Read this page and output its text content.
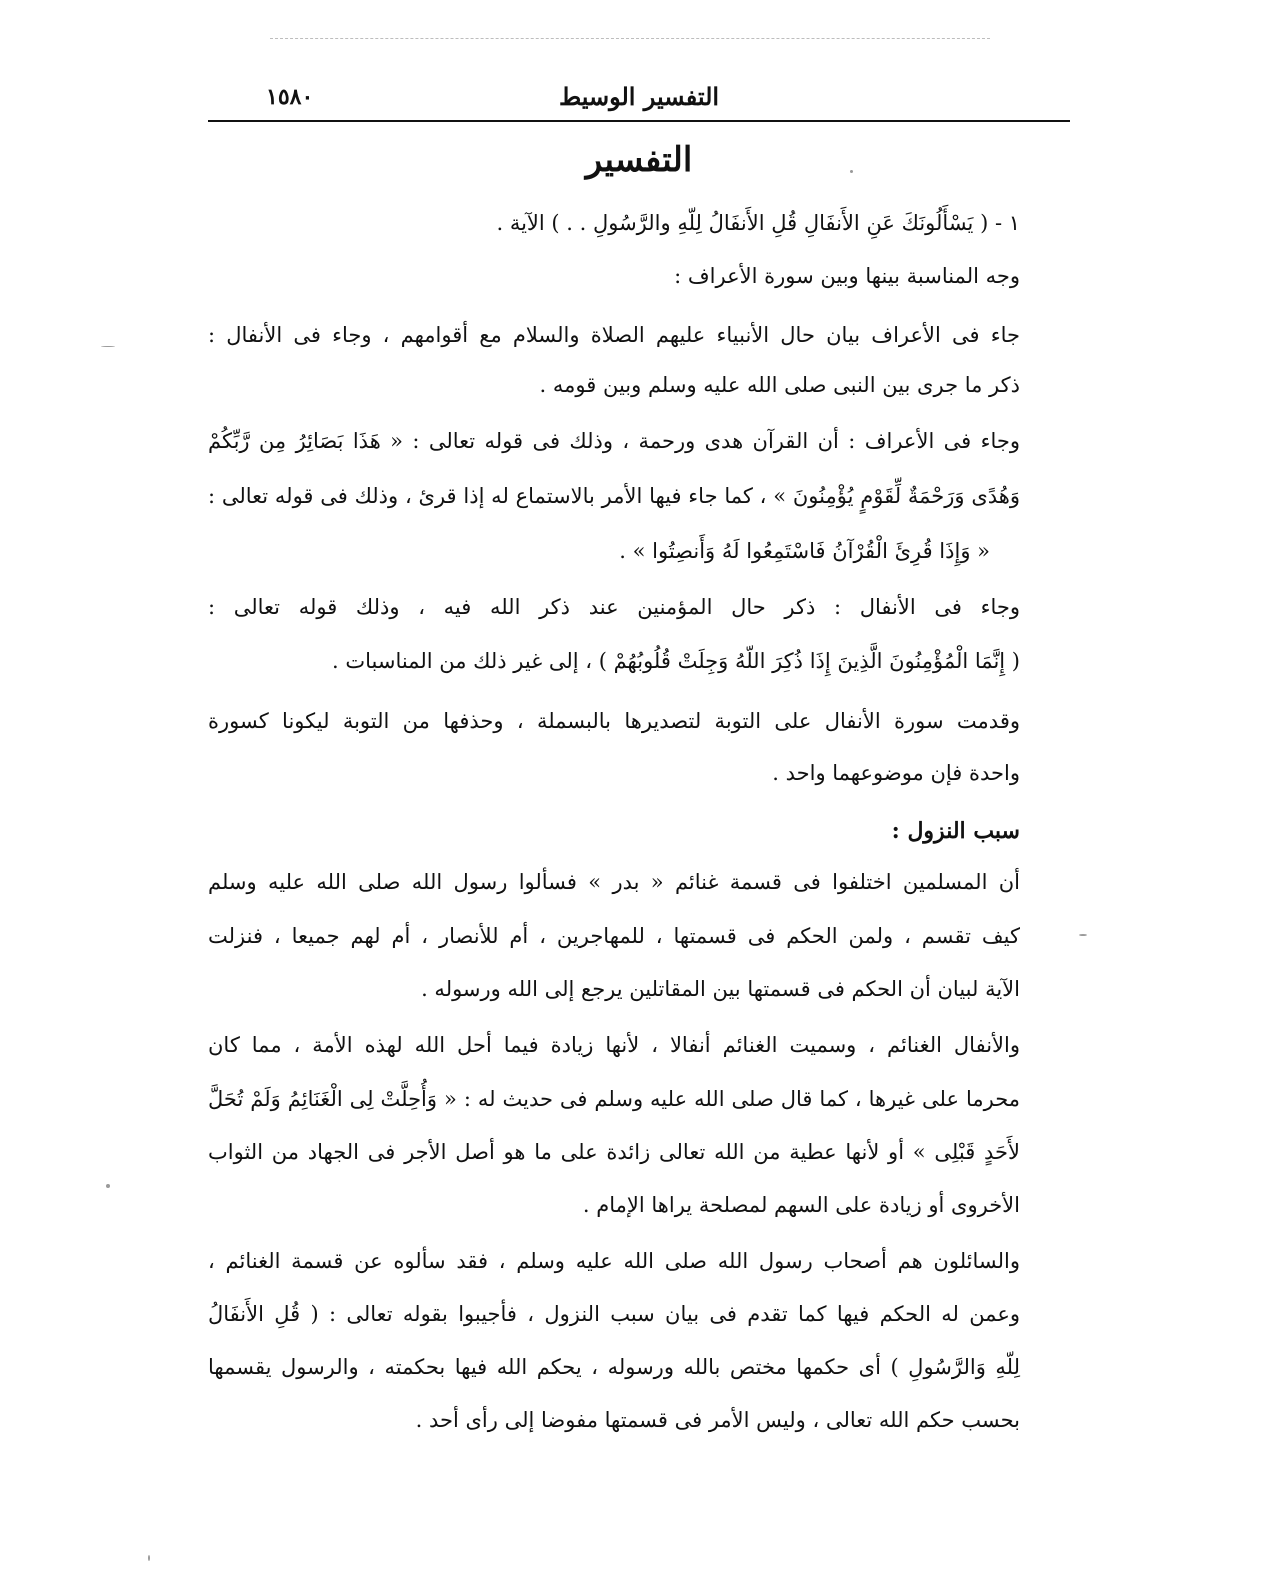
التفسير الوسيط
١٥٨٠
التفسير
١ - ( يَسْأَلُونَكَ عَنِ الأَنفَالِ قُلِ الأَنفَالُ لِلّهِ والرَّسُولِ . . ) الآية .
وجه المناسبة بينها وبين سورة الأعراف :
جاء فى الأعراف بيان حال الأنبياء عليهم الصلاة والسلام مع أقوامهم ، وجاء فى الأنفال :
ذكر ما جرى بين النبى صلى الله عليه وسلم وبين قومه .
وجاء فى الأعراف : أن القرآن هدى ورحمة ، وذلك فى قوله تعالى : « هَذَا بَصَائِرُ مِن رَّبِّكُمْ
وَهُدًى وَرَحْمَةٌ لِّقَوْمٍ يُؤْمِنُونَ » ، كما جاء فيها الأمر بالاستماع له إذا قرئ ، وذلك فى قوله تعالى :
« وَإِذَا قُرِئَ الْقُرْآنُ فَاسْتَمِعُوا لَهُ وَأَنصِتُوا » .
وجاء فى الأنفال : ذكر حال المؤمنين عند ذكر الله فيه ، وذلك قوله تعالى :
( إِنَّمَا الْمُؤْمِنُونَ الَّذِينَ إِذَا ذُكِرَ اللّهُ وَجِلَتْ قُلُوبُهُمْ ) ، إلى غير ذلك من المناسبات .
وقدمت سورة الأنفال على التوبة لتصديرها بالبسملة ، وحذفها من التوبة ليكونا كسورة
واحدة فإن موضوعهما واحد .
سبب النزول :
أن المسلمين اختلفوا فى قسمة غنائم « بدر » فسألوا رسول الله صلى الله عليه وسلم
كيف تقسم ، ولمن الحكم فى قسمتها ، للمهاجرين ، أم للأنصار ، أم لهم جميعا ، فنزلت
الآية لبيان أن الحكم فى قسمتها بين المقاتلين يرجع إلى الله ورسوله .
والأنفال الغنائم ، وسميت الغنائم أنفالا ، لأنها زيادة فيما أحل الله لهذه الأمة ، مما كان
محرما على غيرها ، كما قال صلى الله عليه وسلم فى حديث له : « وَأُحِلَّتْ لِى الْغَنَائِمُ وَلَمْ تُحَلَّ
لأَحَدٍ قَبْلِى » أو لأنها عطية من الله تعالى زائدة على ما هو أصل الأجر فى الجهاد من الثواب
الأخروى أو زيادة على السهم لمصلحة يراها الإمام .
والسائلون هم أصحاب رسول الله صلى الله عليه وسلم ، فقد سألوه عن قسمة الغنائم ،
وعمن له الحكم فيها كما تقدم فى بيان سبب النزول ، فأجيبوا بقوله تعالى : ( قُلِ الأَنفَالُ
لِلّهِ وَالرَّسُولِ ) أى حكمها مختص بالله ورسوله ، يحكم الله فيها بحكمته ، والرسول يقسمها
بحسب حكم الله تعالى ، وليس الأمر فى قسمتها مفوضا إلى رأى أحد .
